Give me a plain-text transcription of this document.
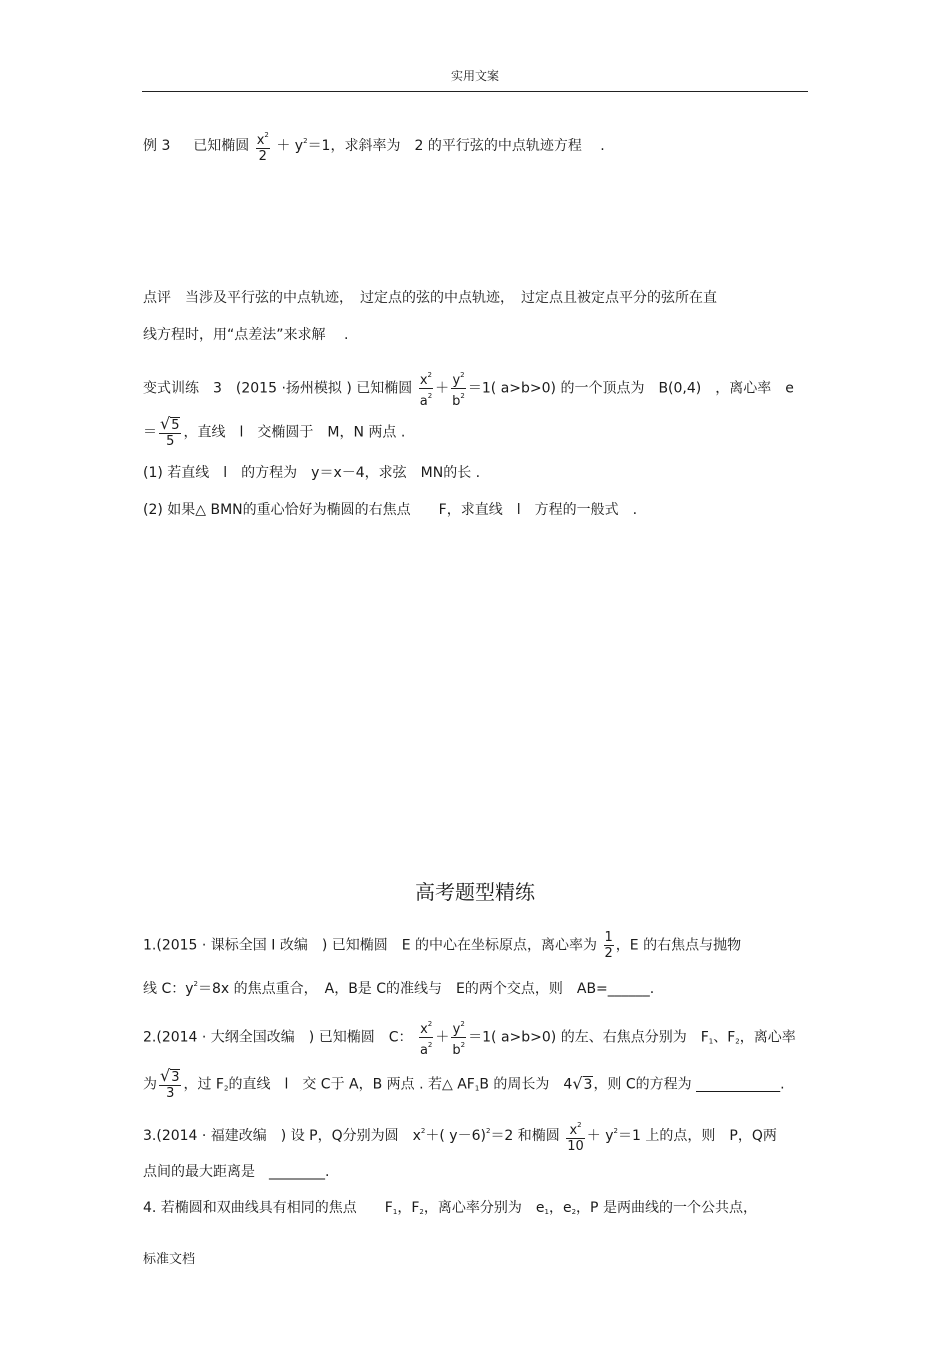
实用文案
例 3 已知椭圆 $\frac{x^2}{2} + y^2=1$，求斜率为　2 的平行弦的中点轨迹方程　 .
点评　当涉及平行弦的中点轨迹，　过定点的弦的中点轨迹，　过定点且被定点平分的弦所在直
线方程时，用“点差法”来求解　 .
变式训练　3　(2015 ·扬州模拟 ) 已知椭圆 $\frac{x^2}{a^2} + \frac{y^2}{b^2} =1$( a>b>0) 的一个顶点为　B(0,4)　，离心率　e
＝ $\frac{√5}{5}$ ，直线　l　交椭圆于　M，N 两点 .
(1) 若直线　l　的方程为　y＝x－4，求弦　MN的长 .
(2) 如果△ BMN的重心恰好为椭圆的右焦点　　F，求直线　l　方程的一般式　.
高考题型精练
1.(2015 · 课标全国 I 改编　) 已知椭圆　E 的中心在坐标原点，离心率为 $\frac{1}{2}$ ，E 的右焦点与抛物
线 C：$y^2=8x$ 的焦点重合，　A，B是 C的准线与　E的两个交点，则　AB=______.
2.(2014 · 大纲全国改编　) 已知椭圆　C： $\frac{x^2}{a^2} + \frac{y^2}{b^2} =1$( a>b>0) 的左、右焦点分别为　$F_1$、$F_2$，离心率
为 $\frac{√3}{3}$ ，过 $F_2$的直线　l　交 C于 A，B 两点 . 若△ $AF_1B$ 的周长为　4√3，则 C的方程为 ____________.
3.(2014 · 福建改编　) 设 P，Q分别为圆　$x^2+$( y－6)$^2$＝2 和椭圆 $\frac{x^2}{10} + y^2=1$ 上的点，则　P，Q两
点间的最大距离是　________.
4. 若椭圆和双曲线具有相同的焦点　　$F_1$，$F_2$，离心率分别为　$e_1$，$e_2$，P 是两曲线的一个公共点，
标准文档
